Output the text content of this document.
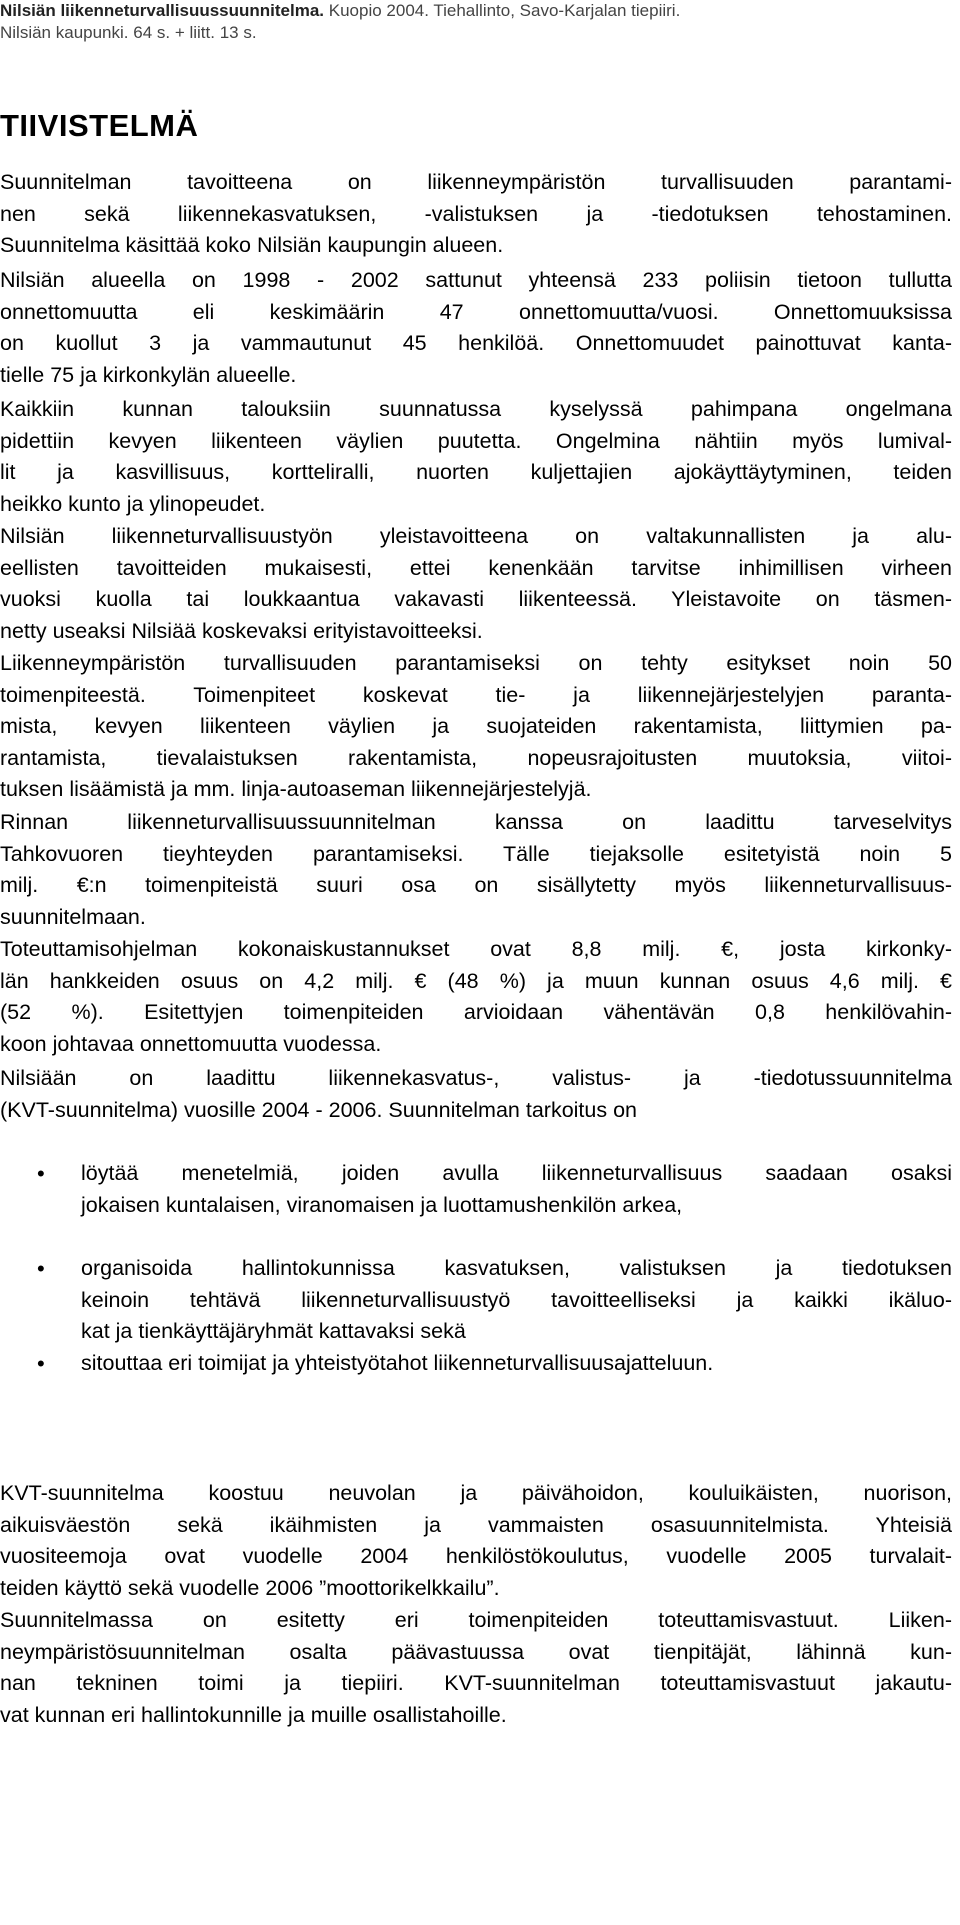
Nilsiän liikenneturvallisuussuunnitelma. Kuopio 2004. Tiehallinto, Savo-Karjalan tiepiiri.
Nilsiän kaupunki. 64 s. + liitt. 13 s.
TIIVISTELMÄ

Suunnitelman tavoitteena on liikenneympäristön turvallisuuden parantami-
nen sekä liikennekasvatuksen, -valistuksen ja -tiedotuksen tehostaminen.
Suunnitelma käsittää koko Nilsiän kaupungin alueen.

Nilsiän alueella on 1998 - 2002 sattunut yhteensä 233 poliisin tietoon tullutta
onnettomuutta eli keskimäärin 47 onnettomuutta/vuosi. Onnettomuuksissa
on kuollut 3 ja vammautunut 45 henkilöä. Onnettomuudet painottuvat kanta-
tielle 75 ja kirkonkylän alueelle.

Kaikkiin kunnan talouksiin suunnatussa kyselyssä pahimpana ongelmana
pidettiin kevyen liikenteen väylien puutetta. Ongelmina nähtiin myös lumival-
lit ja kasvillisuus, kortteliralli, nuorten kuljettajien ajokäyttäytyminen, teiden
heikko kunto ja ylinopeudet.

Nilsiän liikenneturvallisuustyön yleistavoitteena on valtakunnallisten ja alu-
eellisten tavoitteiden mukaisesti, ettei kenenkään tarvitse inhimillisen virheen
vuoksi kuolla tai loukkaantua vakavasti liikenteessä. Yleistavoite on täsmen-
netty useaksi Nilsiää koskevaksi erityistavoitteeksi.

Liikenneympäristön turvallisuuden parantamiseksi on tehty esitykset noin 50
toimenpiteestä. Toimenpiteet koskevat tie- ja liikennejärjestelyjen paranta-
mista, kevyen liikenteen väylien ja suojateiden rakentamista, liittymien pa-
rantamista, tievalaistuksen rakentamista, nopeusrajoitusten muutoksia, viitoi-
tuksen lisäämistä ja mm. linja-autoaseman liikennejärjestelyjä.

Rinnan liikenneturvallisuussuunnitelman kanssa on laadittu tarveselvitys
Tahkovuoren tieyhteyden parantamiseksi. Tälle tiejaksolle esitetyistä noin 5
milj. €:n toimenpiteistä suuri osa on sisällytetty myös liikenneturvallisuus-
suunnitelmaan.

Toteuttamisohjelman kokonaiskustannukset ovat 8,8 milj. €, josta kirkonky-
län hankkeiden osuus on 4,2 milj. € (48 %) ja muun kunnan osuus 4,6 milj. €
(52 %). Esitettyjen toimenpiteiden arvioidaan vähentävän 0,8 henkilövahin-
koon johtavaa onnettomuutta vuodessa.

Nilsiään on laadittu liikennekasvatus-, valistus- ja -tiedotussuunnitelma
(KVT-suunnitelma) vuosille 2004 - 2006. Suunnitelman tarkoitus on

• löytää menetelmiä, joiden avulla liikenneturvallisuus saadaan osaksi
jokaisen kuntalaisen, viranomaisen ja luottamushenkilön arkea,
• organisoida hallintokunnissa kasvatuksen, valistuksen ja tiedotuksen
keinoin tehtävä liikenneturvallisuustyö tavoitteelliseksi ja kaikki ikäluo-
kat ja tienkäyttäjäryhmät kattavaksi sekä
• sitouttaa eri toimijat ja yhteistyötahot liikenneturvallisuusajatteluun.

KVT-suunnitelma koostuu neuvolan ja päivähoidon, kouluikäisten, nuorison,
aikuisväestön sekä ikäihmisten ja vammaisten osasuunnitelmista. Yhteisiä
vuositeemoja ovat vuodelle 2004 henkilöstökoulutus, vuodelle 2005 turvalait-
teiden käyttö sekä vuodelle 2006 ”moottorikelkkailu”.

Suunnitelmassa on esitetty eri toimenpiteiden toteuttamisvastuut. Liiken-
neympäristösuunnitelman osalta päävastuussa ovat tienpitäjät, lähinnä kun-
nan tekninen toimi ja tiepiiri. KVT-suunnitelman toteuttamisvastuut jakautu-
vat kunnan eri hallintokunnille ja muille osallistahoille.
